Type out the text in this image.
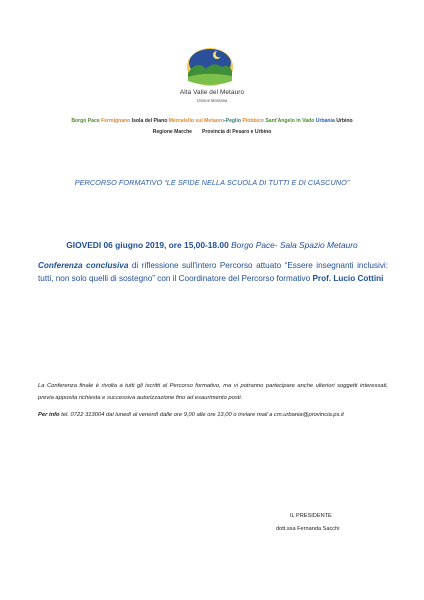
Alta Valle del Metauro
Unione Montana
Borgo Pace Fermignano Isola del Piano Mercatello sul Metauro-Peglio Piobbico Sant'Angelo in Vado Urbania Urbino
Regione Marche Provincia di Pesaro e Urbino
PERCORSO FORMATIVO “LE SFIDE NELLA SCUOLA DI TUTTI E DI CIASCUNO”
GIOVEDI 06 giugno 2019, ore 15,00-18.00 Borgo Pace- Sala Spazio Metauro
Conferenza conclusiva di riflessione sull'intero Percorso attuato “Essere insegnanti inclusivi: tutti, non solo quelli di sostegno” con il Coordinatore del Percorso formativo Prof. Lucio Cottini
La Conferenza finale è rivolta a tutti gli iscritti al Percorso formativo, ma vi potranno partecipare anche ulteriori soggetti interessati, previa apposita richiesta e successiva autorizzazione fino ad esaurimento posti.
Per info tel. 0722 313004 dal lunedì al venerdì dalle ore 9,00 alle ore 13,00 o inviare mail a cm.urbania@provincia.ps.it
IL PRESIDENTE
dott.ssa Fernanda Sacchi
